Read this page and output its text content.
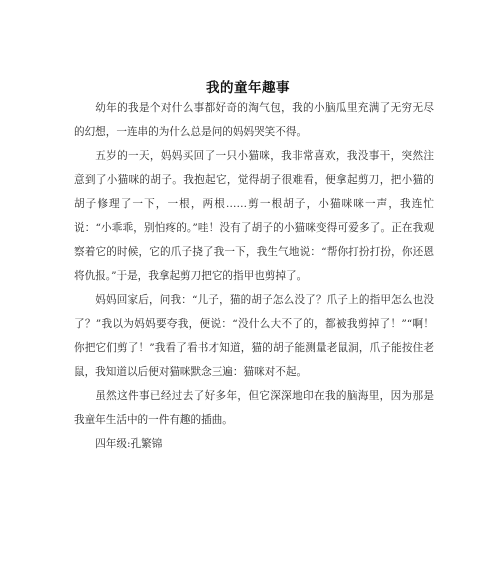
我的童年趣事

幼年的我是个对什么事都好奇的淘气包，我的小脑瓜里充满了无穷无尽的幻想，一连串的为什么总是问的妈妈哭笑不得。

五岁的一天，妈妈买回了一只小猫咪，我非常喜欢，我没事干，突然注意到了小猫咪的胡子。我抱起它，觉得胡子很难看，便拿起剪刀，把小猫的胡子修理了一下，一根，两根……剪一根胡子，小猫咪咪一声，我连忙说：“小乖乖，别怕疼的。”哇！没有了胡子的小猫咪变得可爱多了。正在我观察着它的时候，它的爪子挠了我一下，我生气地说：“帮你打扮打扮，你还恩将仇报。”于是，我拿起剪刀把它的指甲也剪掉了。

妈妈回家后，问我：“儿子，猫的胡子怎么没了？爪子上的指甲怎么也没了？”我以为妈妈要夸我，便说：“没什么大不了的，都被我剪掉了！”“啊！你把它们剪了！”我看了看书才知道，猫的胡子能测量老鼠洞，爪子能按住老鼠，我知道以后便对猫咪默念三遍：猫咪对不起。

虽然这件事已经过去了好多年，但它深深地印在我的脑海里，因为那是我童年生活中的一件有趣的插曲。

四年级:孔繁锦
